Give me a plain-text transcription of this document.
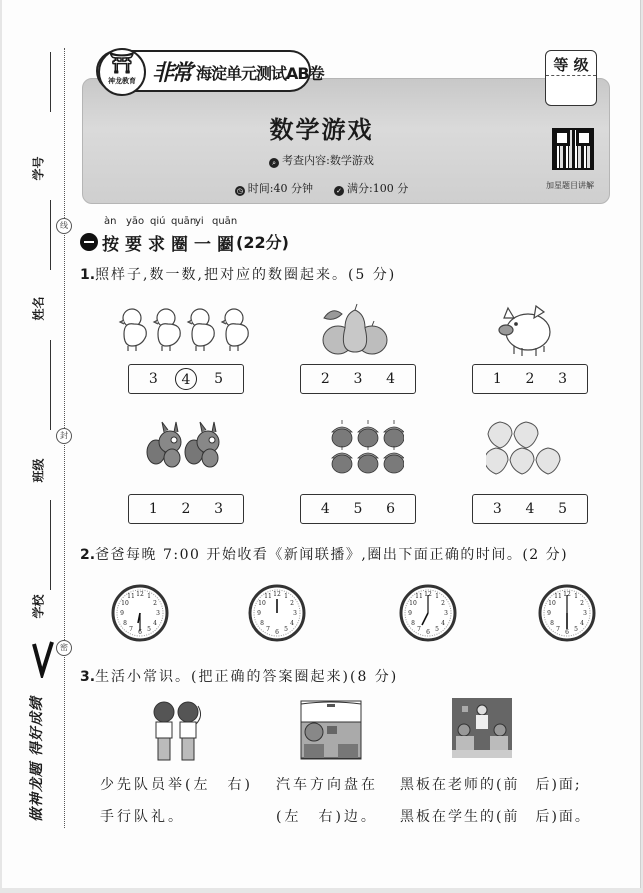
学号
线
姓名
封
班级
学校
密
做神龙题 得好成绩
⛩
神龙教育 非常 海淀单元测试AB卷	等 级
加星题目讲解
数学游戏
⌕ 考查内容:数学游戏
◷ 时间:40 分钟	✓ 满分:100 分
àn yāo qiú quān
yi quān
按要求圈一圈
。(22分)
1.照样子,数一数,把对应的数圈起来。(5 分)
3	4	5	2	3	4	1	2	3
1	2	3	4	5	6	3	4	5
2.爸爸每晚 7:00 开始收看《新闻联播》,圈出下面正确的时间。(2 分)
12 1
2
3
4
5
6
7
8
9
10
11	12 1
2
3
4
5
6
7
8
9
10
11	12 1
2
3
4
5
6
7
8
9
10
11	12 1
2
3
4
5
6
7
8
9
10
11
3.生活小常识。(把正确的答案圈起来)(8 分)
少先队员举(左　右)
手行队礼。
汽车方向盘在
(左　右)边。
黑板在老师的(前　后)面;
黑板在学生的(前　后)面。
